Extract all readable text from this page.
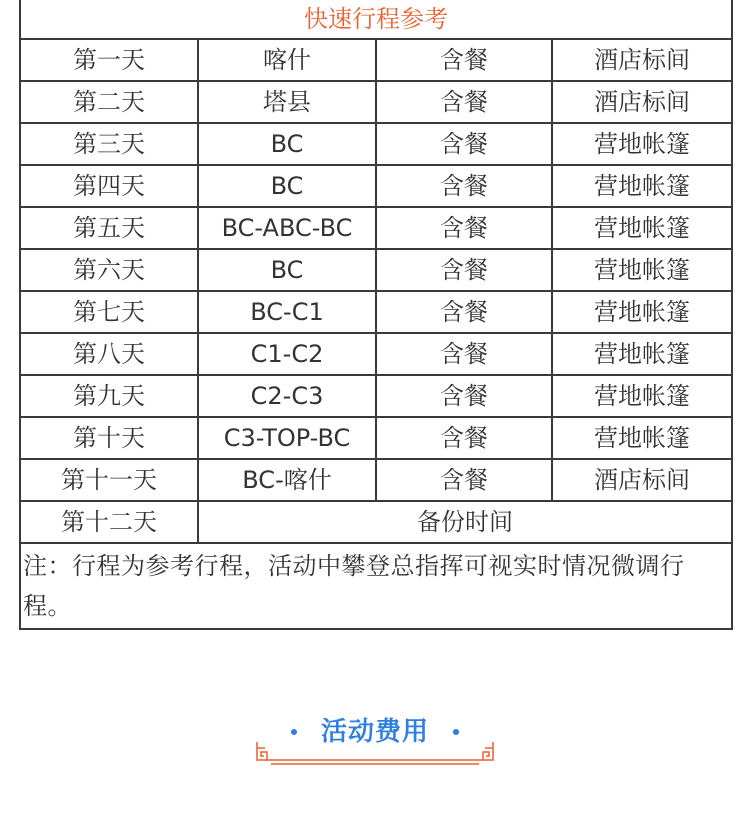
快速行程参考			
第一天	喀什	含餐	酒店标间
第二天	塔县	含餐	酒店标间
第三天	BC	含餐	营地帐篷
第四天	BC	含餐	营地帐篷
第五天	BC-ABC-BC	含餐	营地帐篷
第六天	BC	含餐	营地帐篷
第七天	BC-C1	含餐	营地帐篷
第八天	C1-C2	含餐	营地帐篷
第九天	C2-C3	含餐	营地帐篷
第十天	C3-TOP-BC	含餐	营地帐篷
第十一天	BC-喀什	含餐	酒店标间
第十二天	备份时间		
注：行程为参考行程，活动中攀登总指挥可视实时情况微调行程。			
活动费用
